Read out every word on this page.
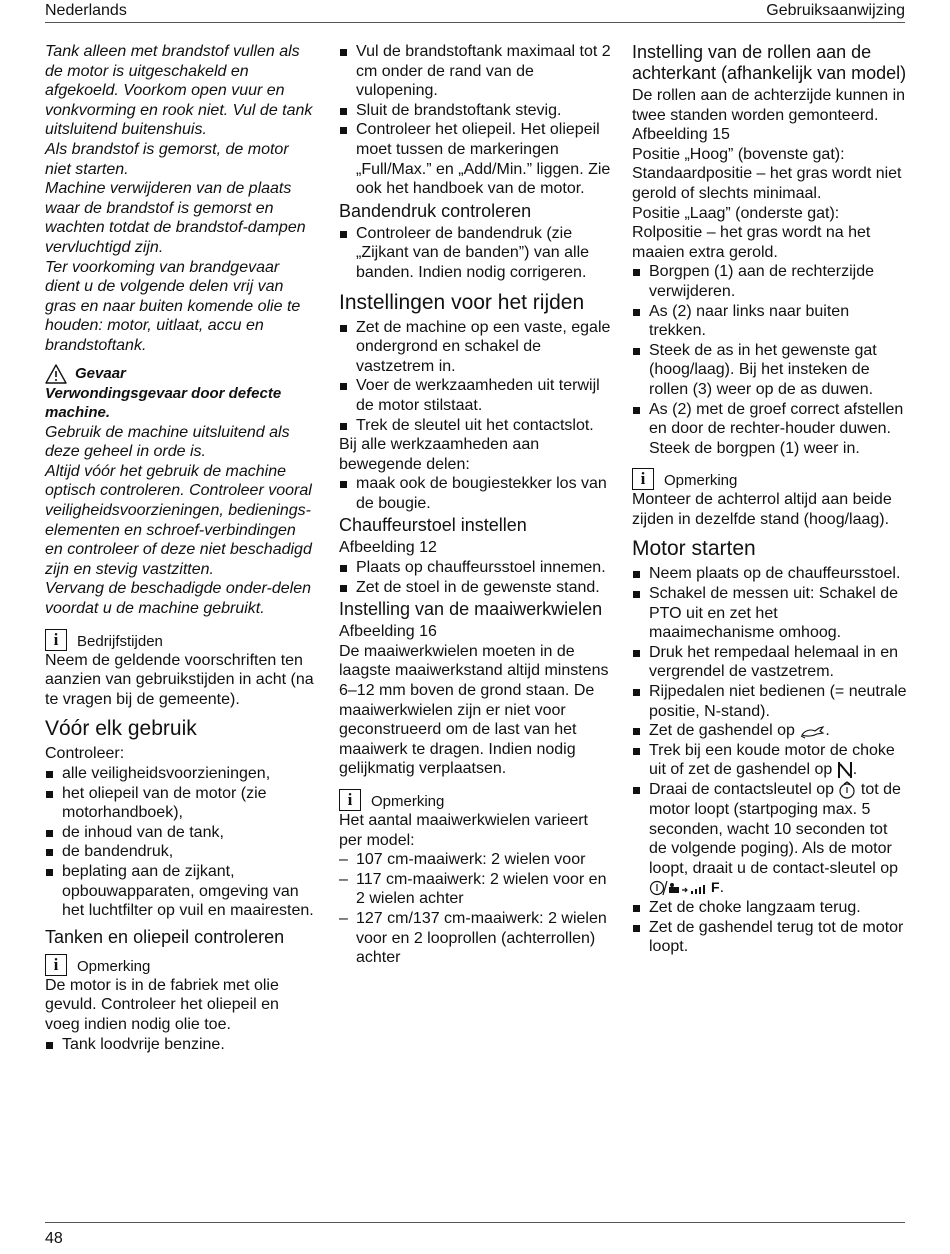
Nederlands	Gebruiksaanwijzing

Tank alleen met brandstof vullen als de motor is uitgeschakeld en afgekoeld. Voorkom open vuur en vonkvorming en rook niet. Vul de tank uitsluitend buitenshuis.

Als brandstof is gemorst, de motor niet starten.

Machine verwijderen van de plaats waar de brandstof is gemorst en wachten totdat de brandstof-dampen vervluchtigd zijn.

Ter voorkoming van brandgevaar dient u de volgende delen vrij van gras en naar buiten komende olie te houden: motor, uitlaat, accu en brandstoftank.

Gevaar

Verwondingsgevaar door defecte machine.

Gebruik de machine uitsluitend als deze geheel in orde is.

Altijd vóór het gebruik de machine optisch controleren. Controleer vooral veiligheidsvoorzieningen, bedienings-elementen en schroef-verbindingen en controleer of deze niet beschadigd zijn en stevig vastzitten.

Vervang de beschadigde onder-delen voordat u de machine gebruikt.

i	Bedrijfstijden

Neem de geldende voorschriften ten aanzien van gebruikstijden in acht (na te vragen bij de gemeente).

Vóór elk gebruik

Controleer:

alle veiligheidsvoorzieningen,
het oliepeil van de motor (zie motorhandboek),
de inhoud van de tank,
de bandendruk,
beplating aan de zijkant, opbouwapparaten, omgeving van het luchtfilter op vuil en maairesten.
Tanken en oliepeil controleren
i	Opmerking

De motor is in de fabriek met olie gevuld. Controleer het oliepeil en voeg indien nodig olie toe.

Tank loodvrije benzine.
Vul de brandstoftank maximaal tot 2 cm onder de rand van de vulopening.
Sluit de brandstoftank stevig.
Controleer het oliepeil. Het oliepeil moet tussen de markeringen „Full/Max.” en „Add/Min.” liggen. Zie ook het handboek van de motor.
Bandendruk controleren
Controleer de bandendruk (zie „Zijkant van de banden”) van alle banden. Indien nodig corrigeren.
Instellingen voor het rijden
Zet de machine op een vaste, egale ondergrond en schakel de vastzetrem in.
Voer de werkzaamheden uit terwijl de motor stilstaat.
Trek de sleutel uit het contactslot.

Bij alle werkzaamheden aan bewegende delen:

maak ook de bougiestekker los van de bougie.
Chauffeurstoel instellen

Afbeelding 12

Plaats op chauffeursstoel innemen.
Zet de stoel in de gewenste stand.
Instelling van de maaiwerkwielen

Afbeelding 16

De maaiwerkwielen moeten in de laagste maaiwerkstand altijd minstens 6–12 mm boven de grond staan. De maaiwerkwielen zijn er niet voor geconstrueerd om de last van het maaiwerk te dragen. Indien nodig gelijkmatig verplaatsen.

i	Opmerking

Het aantal maaiwerkwielen varieert per model:

– 107 cm-maaiwerk: 2 wielen voor
– 117 cm-maaiwerk: 2 wielen voor en 2 wielen achter
– 127 cm/137 cm-maaiwerk: 2 wielen voor en 2 looprollen (achterrollen) achter
Instelling van de rollen aan de achterkant (afhankelijk van model)

De rollen aan de achterzijde kunnen in twee standen worden gemonteerd.

Afbeelding 15

Positie „Hoog” (bovenste gat):

Standaardpositie – het gras wordt niet gerold of slechts minimaal.

Positie „Laag” (onderste gat):

Rolpositie – het gras wordt na het maaien extra gerold.

Borgpen (1) aan de rechterzijde verwijderen.
As (2) naar links naar buiten trekken.
Steek de as in het gewenste gat (hoog/laag). Bij het insteken de rollen (3) weer op de as duwen.
As (2) met de groef correct afstellen en door de rechter-houder duwen. Steek de borgpen (1) weer in.
i	Opmerking

Monteer de achterrol altijd aan beide zijden in dezelfde stand (hoog/laag).

Motor starten
Neem plaats op de chauffeursstoel.
Schakel de messen uit: Schakel de PTO uit en zet het maaimechanisme omhoog.
Druk het rempedaal helemaal in en vergrendel de vastzetrem.
Rijpedalen niet bedienen (= neutrale positie, N-stand).
Zet de gashendel op .
Trek bij een koude motor de choke uit of zet de gashendel op .
Draai de contactsleutel op tot de motor loopt (startpoging max. 5 seconden, wacht 10 seconden tot de volgende poging). Als de motor loopt, draait u de contact-sleutel op F.
Zet de choke langzaam terug.
Zet de gashendel terug tot de motor loopt.
48
